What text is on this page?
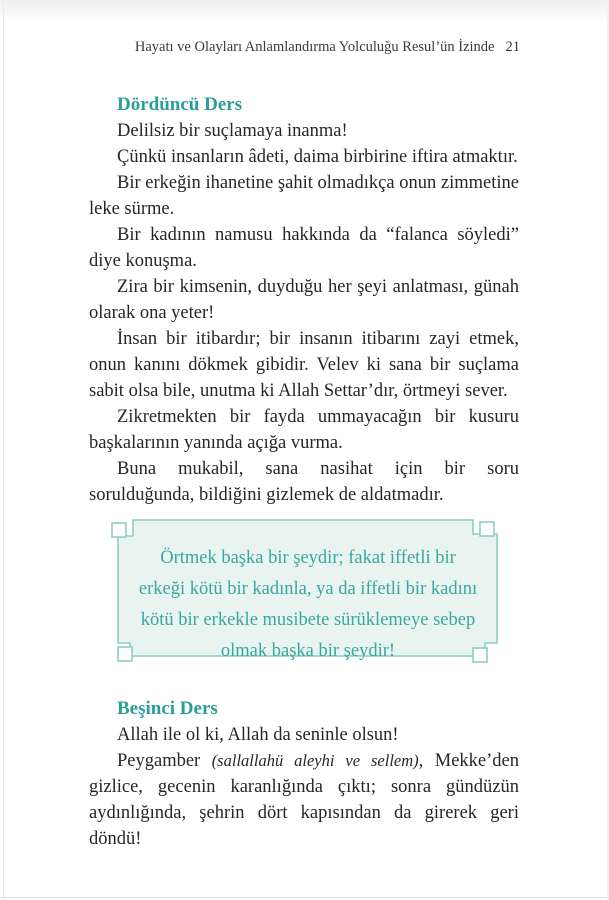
Hayatı ve Olayları Anlamlandırma Yolculuğu Resul’ün İzinde 21
Dördüncü Ders

Delilsiz bir suçlamaya inanma!

Çünkü insanların âdeti, daima birbirine iftira atmaktır.

Bir erkeğin ihanetine şahit olmadıkça onun zimmetine leke sürme.

Bir kadının namusu hakkında da “falanca söyledi” diye konuşma.

Zira bir kimsenin, duyduğu her şeyi anlatması, günah olarak ona yeter!

İnsan bir itibardır; bir insanın itibarını zayi etmek, onun kanını dökmek gibidir. Velev ki sana bir suçlama sabit olsa bile, unutma ki Allah Settar’dır, örtmeyi sever.

Zikretmekten bir fayda ummayacağın bir kusuru başkalarının yanında açığa vurma.

Buna mukabil, sana nasihat için bir soru sorulduğunda, bildiğini gizlemek de aldatmadır.

Örtmek başka bir şeydir; fakat iffetli bir erkeği kötü bir kadınla, ya da iffetli bir kadını kötü bir erkekle musibete sürüklemeye sebep olmak başka bir şeydir!

Beşinci Ders

Allah ile ol ki, Allah da seninle olsun!

Peygamber (sallallahü aleyhi ve sellem), Mekke’den gizlice, gecenin karanlığında çıktı; sonra gündüzün aydınlığında, şehrin dört kapısından da girerek geri döndü!
